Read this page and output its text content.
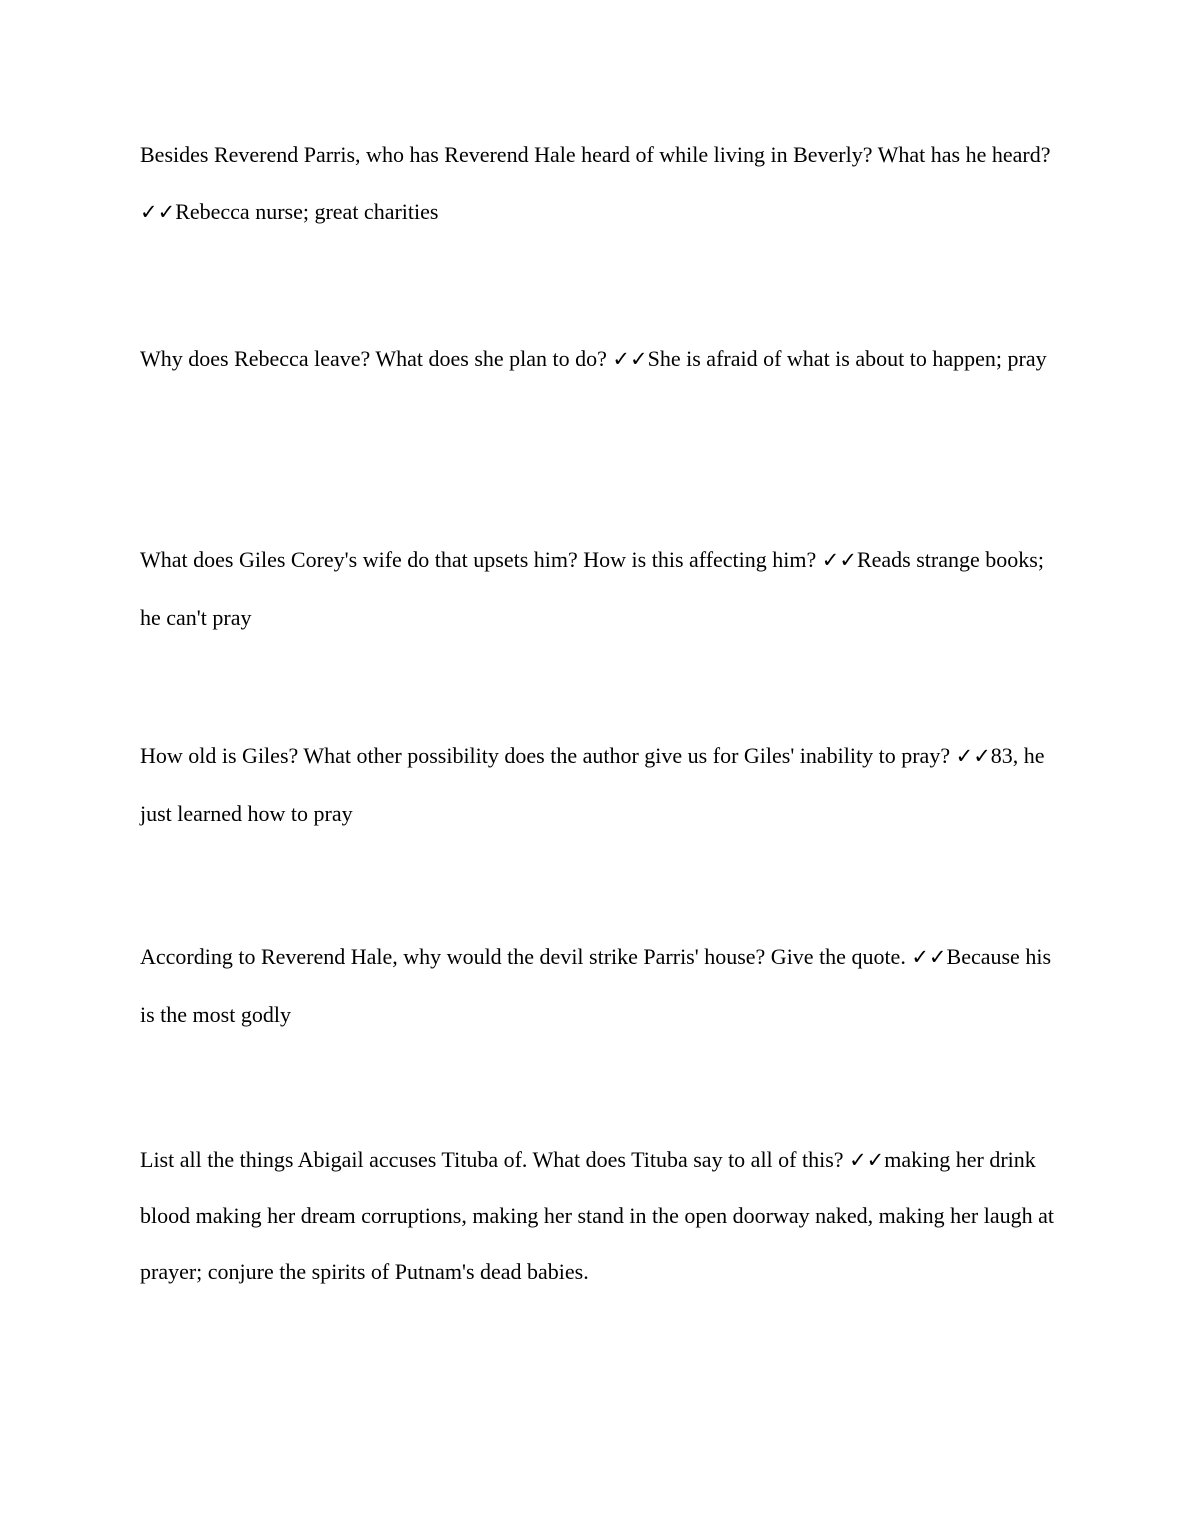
Besides Reverend Parris, who has Reverend Hale heard of while living in Beverly? What has he heard? ✓✓Rebecca nurse; great charities

Why does Rebecca leave? What does she plan to do? ✓✓She is afraid of what is about to happen; pray

What does Giles Corey's wife do that upsets him? How is this affecting him? ✓✓Reads strange books; he can't pray

How old is Giles? What other possibility does the author give us for Giles' inability to pray? ✓✓83, he just learned how to pray

According to Reverend Hale, why would the devil strike Parris' house? Give the quote. ✓✓Because his is the most godly

List all the things Abigail accuses Tituba of. What does Tituba say to all of this? ✓✓making her drink blood making her dream corruptions, making her stand in the open doorway naked, making her laugh at prayer; conjure the spirits of Putnam's dead babies.
